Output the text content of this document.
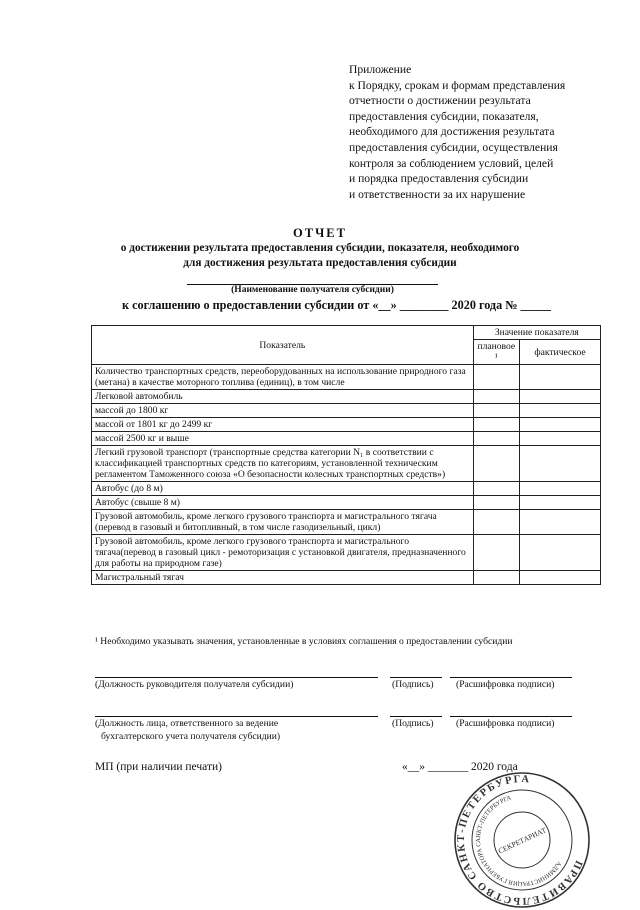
Приложение
к Порядку, срокам и формам представления
отчетности о достижении результата
предоставления субсидии, показателя,
необходимого для достижения результата
предоставления субсидии, осуществления
контроля за соблюдением условий, целей
и порядка предоставления субсидии
и ответственности за их нарушение
ОТЧЕТ
о достижении результата предоставления субсидии, показателя, необходимого
для достижения результата предоставления субсидии
(Наименование получателя субсидии)
к соглашению о предоставлении субсидии от «__» ________ 2020 года № _____
Показатель	Значение показателя	
	плановое ¹	фактическое
Количество транспортных средств, переоборудованных на использование природного газа (метана) в качестве моторного топлива (единиц), в том числе		
Легковой автомобиль		
массой до 1800 кг		
массой от 1801 кг до 2499 кг		
массой 2500 кг и выше		
Легкий грузовой транспорт (транспортные средства категории N₁ в соответствии с классификацией транспортных средств по категориям, установленной техническим регламентом Таможенного союза «О безопасности колесных транспортных средств»)		
Автобус (до 8 м)		
Автобус (свыше 8 м)		
Грузовой автомобиль, кроме легкого грузового транспорта и магистрального тягача (перевод в газовый и битопливный, в том числе газодизельный, цикл)		
Грузовой автомобиль, кроме легкого грузового транспорта и магистрального тягача(перевод в газовый цикл - ремоторизация с установкой двигателя, предназначенного для работы на природном газе)		
Магистральный тягач		
¹ Необходимо указывать значения, установленные в условиях соглашения о предоставлении субсидии
(Должность руководителя получателя субсидии)	(Подпись) (Расшифровка подписи)
(Должность лица, ответственного за ведение
бухгалтерского учета получателя субсидии)
(Подпись) (Расшифровка подписи)
МП (при наличии печати)	«__» _______ 2020 года
ПРАВИТЕЛЬСТВО САНКТ-ПЕТЕРБУРГА
АДМИНИСТРАЦИЯ ГУБЕРНАТОРА САНКТ-ПЕТЕРБУРГА
СЕКРЕТАРИАТ
